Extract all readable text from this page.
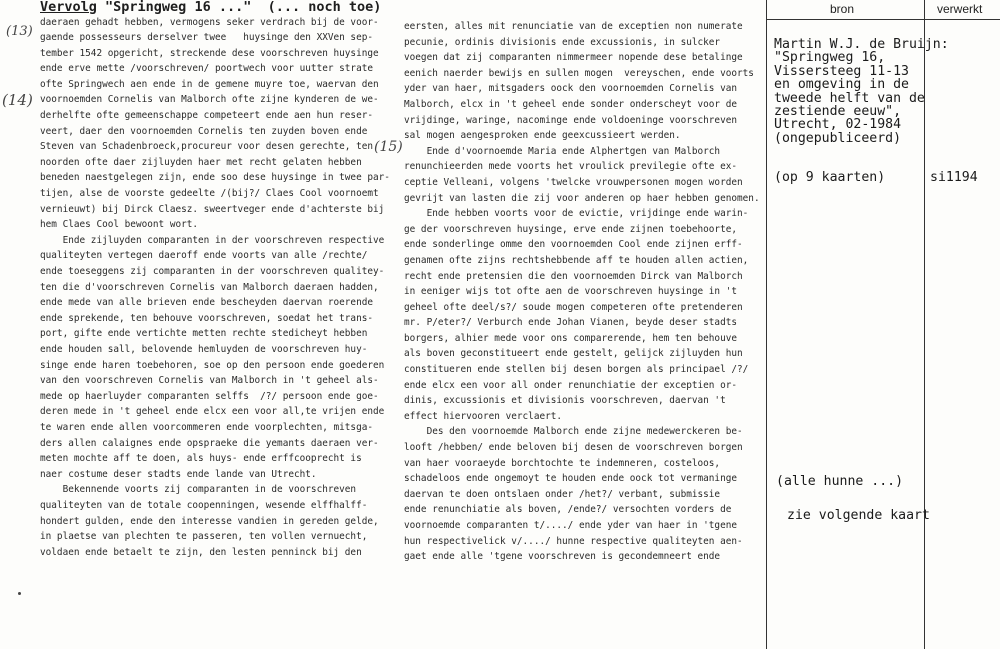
Vervolg "Springweg 16 ..."  (... noch toe)
(13)
(14)
(15)
daeraen gehadt hebben, vermogens seker verdrach bij de voor-
gaende possesseurs derselver twee   huysinge den XXVen sep-
tember 1542 opgericht, streckende dese voorschreven huysinge
ende erve mette /voorschreven/ poortwech voor uutter strate
ofte Springwech aen ende in de gemene muyre toe, waervan den
voornoemden Cornelis van Malborch ofte zijne kynderen de we-
derhelfte ofte gemeenschappe competeert ende aen hun reser-
veert, daer den voornoemden Cornelis ten zuyden boven ende
Steven van Schadenbroeck,procureur voor desen gerechte, ten
noorden ofte daer zijluyden haer met recht gelaten hebben
beneden naestgelegen zijn, ende soo dese huysinge in twee par-
tijen, alse de voorste gedeelte /(bij?/ Claes Cool voornoemt
vernieuwt) bij Dirck Claesz. sweertveger ende d'achterste bij
hem Claes Cool bewoont wort.
Ende zijluyden comparanten in der voorschreven respective
qualiteyten vertegen daeroff ende voorts van alle /rechte/
ende toeseggens zij comparanten in der voorschreven qualitey-
ten die d'voorschreven Cornelis van Malborch daeraen hadden,
ende mede van alle brieven ende bescheyden daervan roerende
ende sprekende, ten behouve voorschreven, soedat het trans-
port, gifte ende vertichte metten rechte stedicheyt hebben
ende houden sall, belovende hemluyden de voorschreven huy-
singe ende haren toebehoren, soe op den persoon ende goederen
van den voorschreven Cornelis van Malborch in 't geheel als-
mede op haerluyder comparanten selffs  /?/ persoon ende goe-
deren mede in 't geheel ende elcx een voor all,te vrijen ende
te waren ende allen voorcommeren ende voorplechten, mitsga-
ders allen calaignes ende opspraeke die yemants daeraen ver-
meten mochte aff te doen, als huys- ende erffcooprecht is
naer costume deser stadts ende lande van Utrecht.
Bekennende voorts zij comparanten in de voorschreven
qualiteyten van de totale coopenningen, wesende elffhalff-
hondert gulden, ende den interesse vandien in gereden gelde,
in plaetse van plechten te passeren, ten vollen vernuecht,
voldaen ende betaelt te zijn, den lesten penninck bij den
eersten, alles mit renunciatie van de exceptien non numerate
pecunie, ordinis divisionis ende excussionis, in sulcker
voegen dat zij comparanten nimmermeer nopende dese betalinge
eenich naerder bewijs en sullen mogen  vereyschen, ende voorts
yder van haer, mitsgaders oock den voornoemden Cornelis van
Malborch, elcx in 't geheel ende sonder onderscheyt voor de
vrijdinge, waringe, nacominge ende voldoeninge voorschreven
sal mogen aengesproken ende geexcussieert werden.
Ende d'voornoemde Maria ende Alphertgen van Malborch
renunchieerden mede voorts het vroulick previlegie ofte ex-
ceptie Velleani, volgens 'twelcke vrouwpersonen mogen worden
gevrijt van lasten die zij voor anderen op haer hebben genomen.
Ende hebben voorts voor de evictie, vrijdinge ende warin-
ge der voorschreven huysinge, erve ende zijnen toebehoorte,
ende sonderlinge omme den voornoemden Cool ende zijnen erff-
genamen ofte zijns rechtshebbende aff te houden allen actien,
recht ende pretensien die den voornoemden Dirck van Malborch
in eeniger wijs tot ofte aen de voorschreven huysinge in 't
geheel ofte deel/s?/ soude mogen competeren ofte pretenderen
mr. P/eter?/ Verburch ende Johan Vianen, beyde deser stadts
borgers, alhier mede voor ons comparerende, hem ten behouve
als boven geconstitueert ende gestelt, gelijck zijluyden hun
constitueren ende stellen bij desen borgen als principael /?/
ende elcx een voor all onder renunchiatie der exceptien or-
dinis, excussionis et divisionis voorschreven, daervan 't
effect hiervooren verclaert.
Des den voornoemde Malborch ende zijne medewerckeren be-
looft /hebben/ ende beloven bij desen de voorschreven borgen
van haer vooraeyde borchtochte te indemneren, costeloos,
schadeloos ende ongemoyt te houden ende oock tot vermaninge
daervan te doen ontslaen onder /het?/ verbant, submissie
ende renunchiatie als boven, /ende?/ versochten vorders de
voornoemde comparanten t/..../ ende yder van haer in 'tgene
hun respectivelick v/..../ hunne respective qualiteyten aen-
gaet ende alle 'tgene voorschreven is gecondemneert ende
bron	verwerkt
Martin W.J. de Bruijn:
"Springweg 16,
Vissersteeg 11-13
en omgeving in de
tweede helft van de
zestiende eeuw",
Utrecht, 02-1984
(ongepubliceerd)
(op 9 kaarten)	si1194
(alle hunne ...)
zie volgende kaart
